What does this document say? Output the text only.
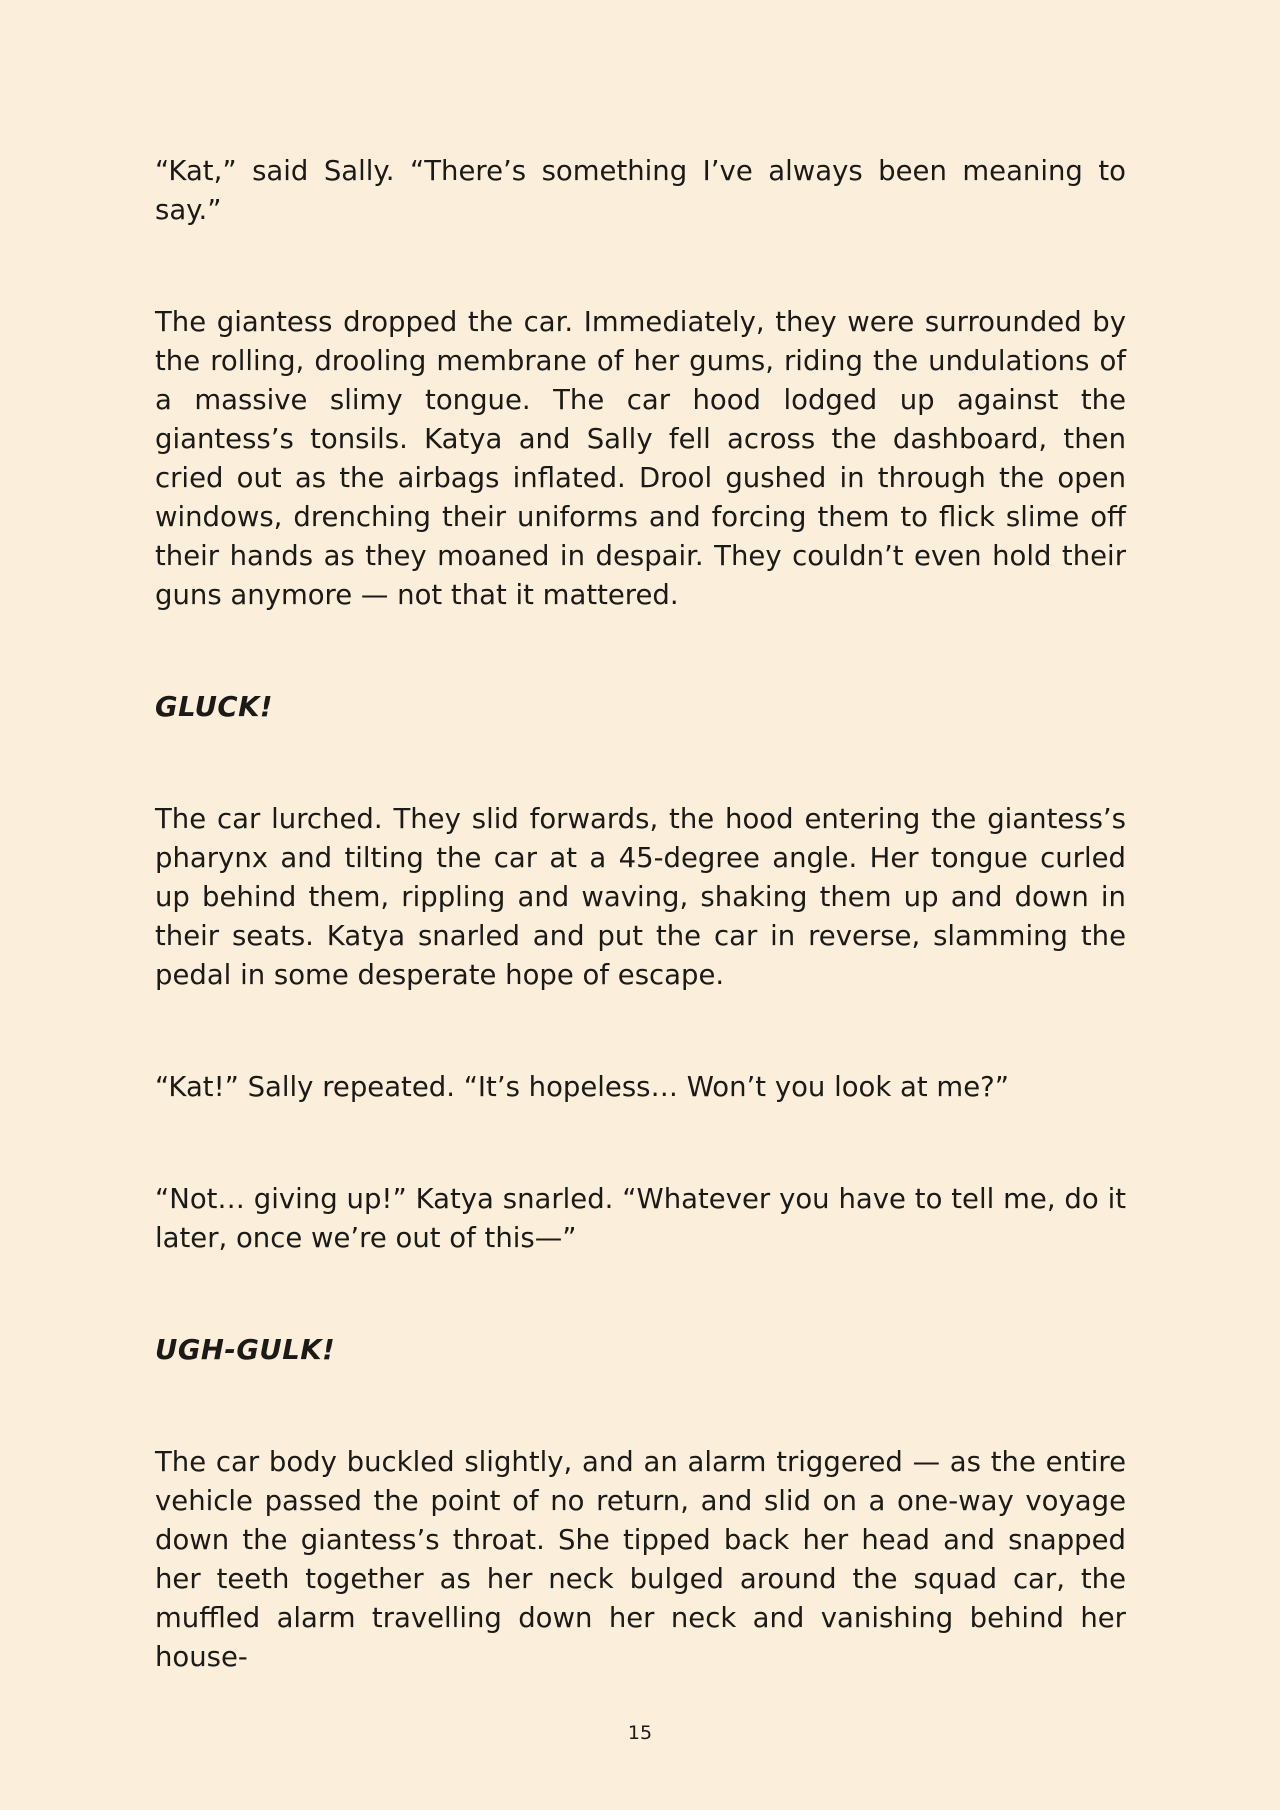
“Kat,” said Sally. “There’s something I’ve always been meaning to say.”

The giantess dropped the car. Immediately, they were surrounded by the rolling, drooling membrane of her gums, riding the undulations of a massive slimy tongue. The car hood lodged up against the giantess’s tonsils. Katya and Sally fell across the dashboard, then cried out as the airbags inflated. Drool gushed in through the open windows, drenching their uniforms and forcing them to flick slime off their hands as they moaned in despair. They couldn’t even hold their guns anymore — not that it mattered.

GLUCK!

The car lurched. They slid forwards, the hood entering the giantess’s pharynx and tilting the car at a 45-degree angle. Her tongue curled up behind them, rippling and waving, shaking them up and down in their seats. Katya snarled and put the car in reverse, slamming the pedal in some desperate hope of escape.

“Kat!” Sally repeated. “It’s hopeless… Won’t you look at me?”

“Not… giving up!” Katya snarled. “Whatever you have to tell me, do it later, once we’re out of this—”

UGH-GULK!

The car body buckled slightly, and an alarm triggered — as the entire vehicle passed the point of no return, and slid on a one-way voyage down the giantess’s throat. She tipped back her head and snapped her teeth together as her neck bulged around the squad car, the muffled alarm travelling down her neck and vanishing behind her house-

15
